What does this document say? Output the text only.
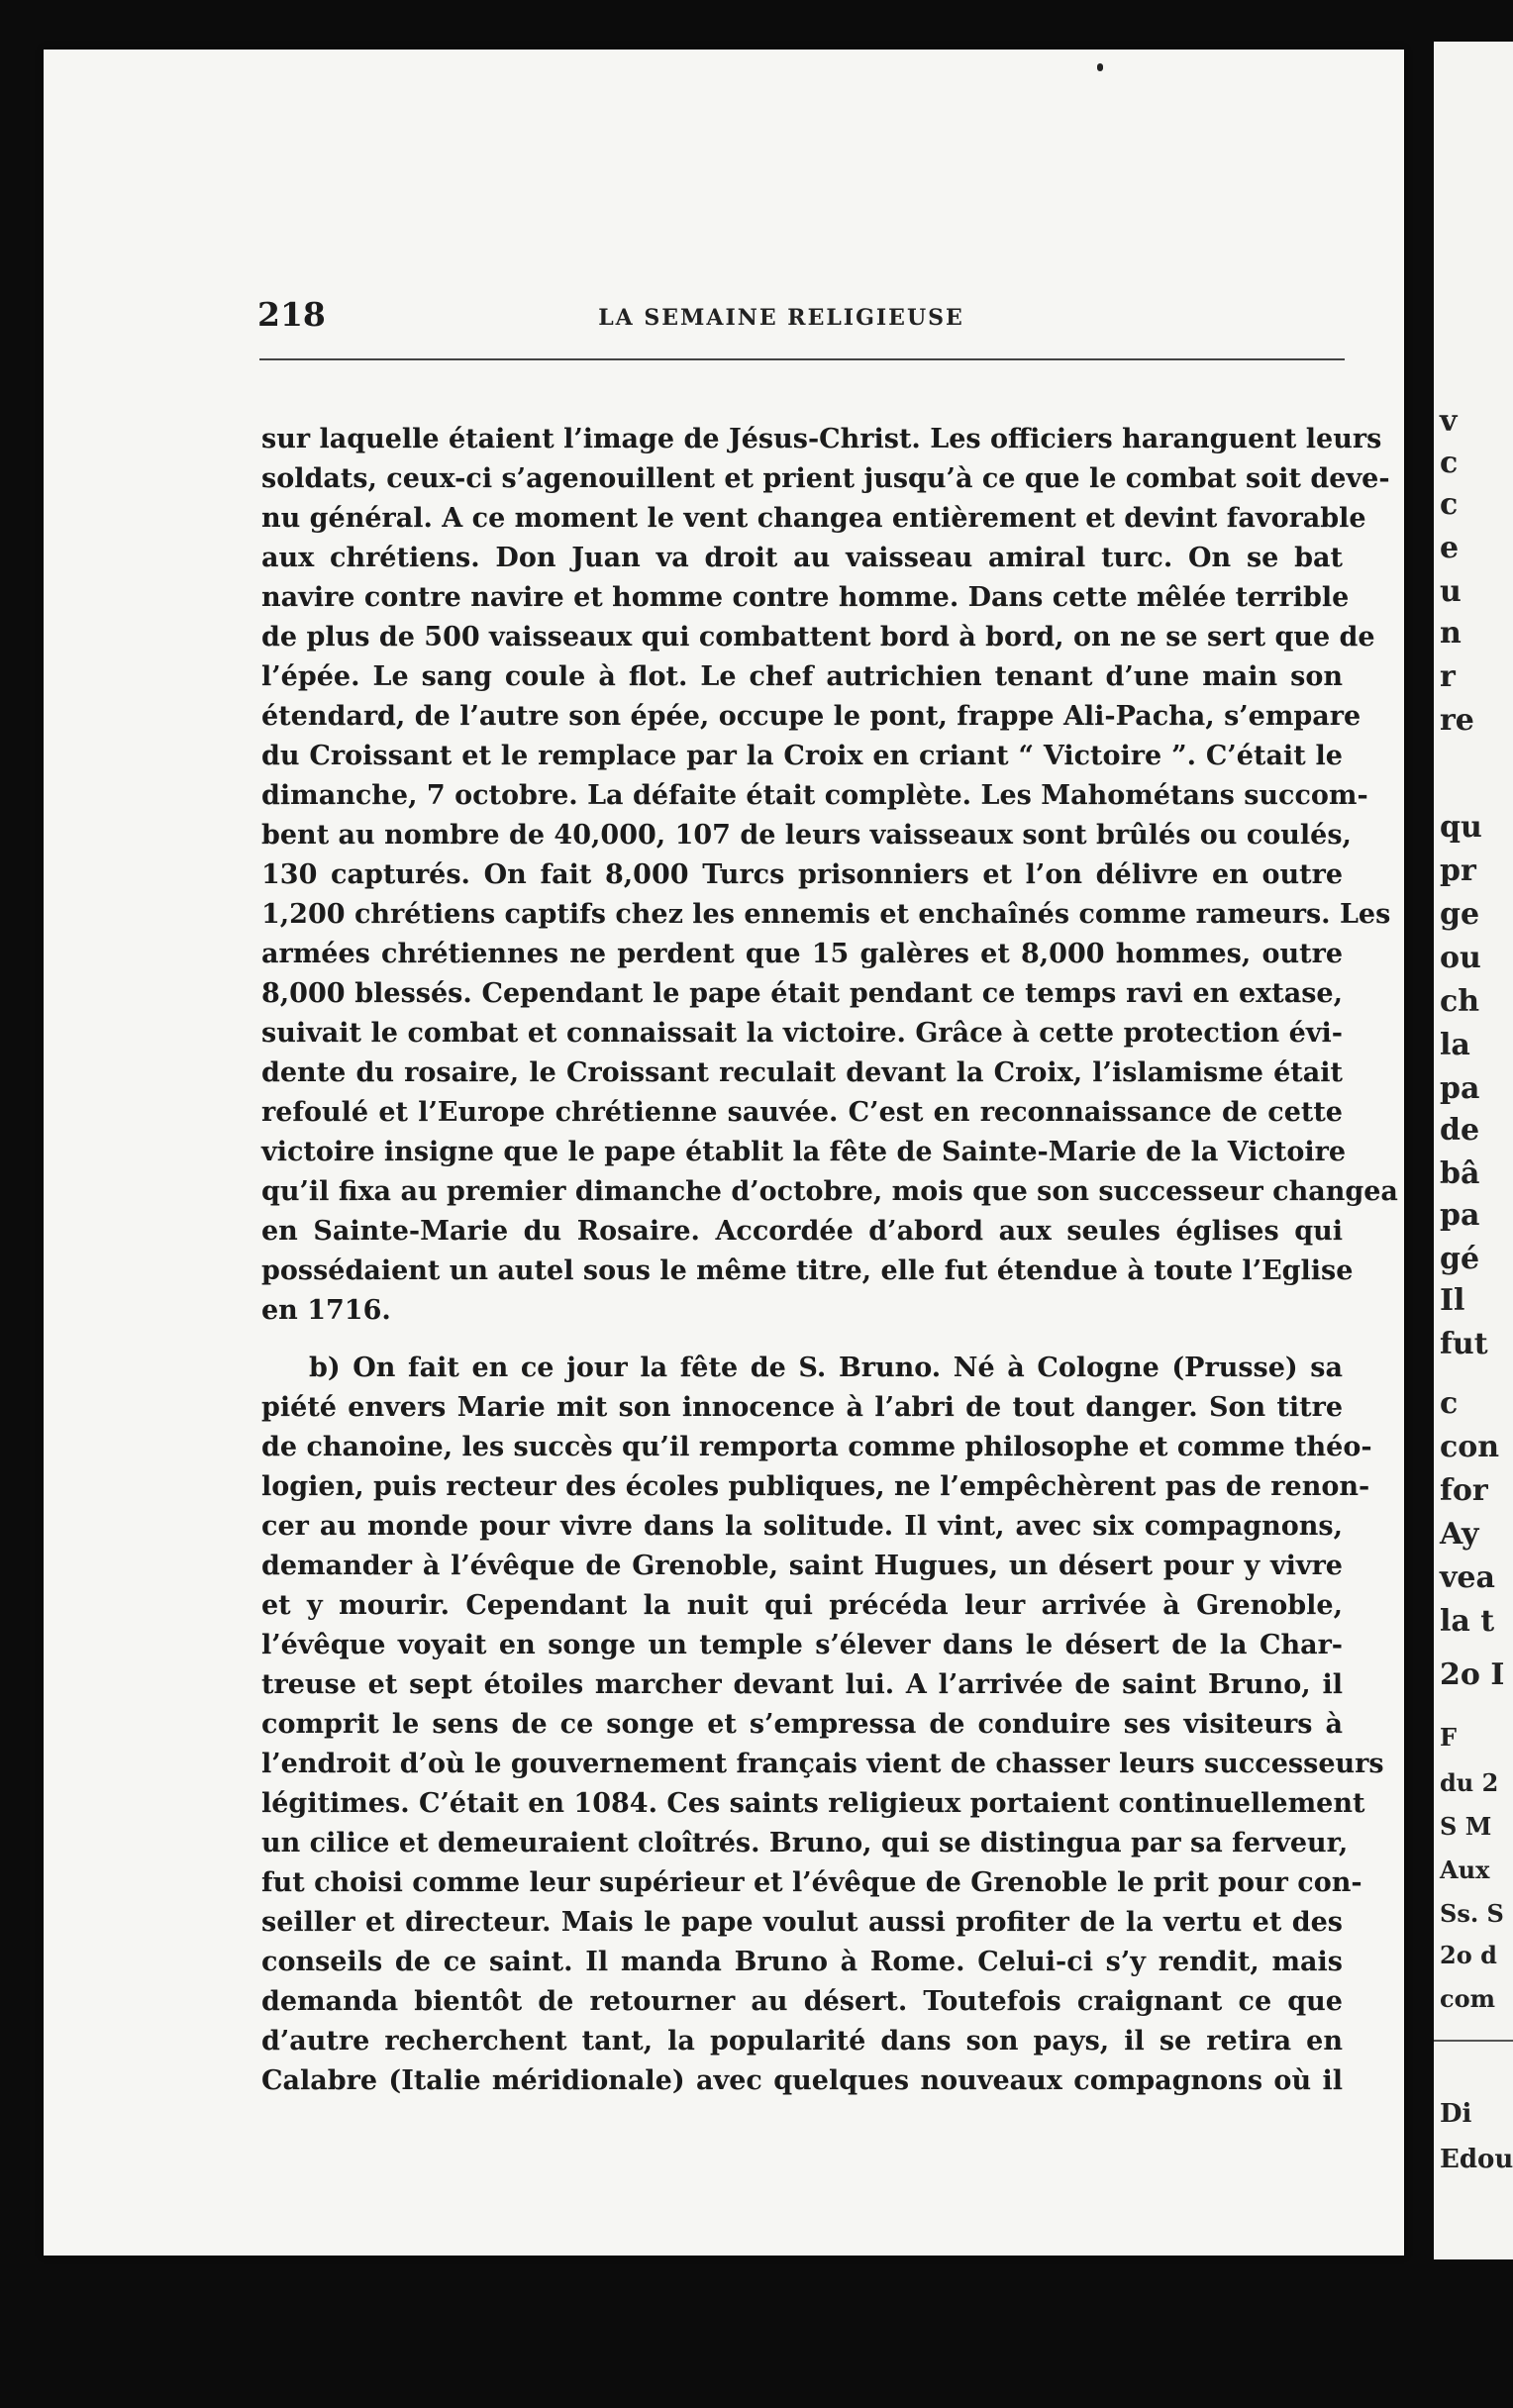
v
c
c
e
u
n
r
re
qu
pr
ge
ou
ch
la
pa
de
bâ
pa
gé
Il
fut
c
con
for
Ay
vea
la t
2o I
F
du 2
S M
Aux
Ss. S
2o d
com
Di
Edou
218	LA SEMAINE RELIGIEUSE
sur laquelle étaient l’image de Jésus-Christ. Les officiers haranguent leurs
soldats, ceux-ci s’agenouillent et prient jusqu’à ce que le combat soit deve-
nu général. A ce moment le vent changea entièrement et devint favorable
aux chrétiens. Don Juan va droit au vaisseau amiral turc. On se bat
navire contre navire et homme contre homme. Dans cette mêlée terrible
de plus de 500 vaisseaux qui combattent bord à bord, on ne se sert que de
l’épée. Le sang coule à flot. Le chef autrichien tenant d’une main son
étendard, de l’autre son épée, occupe le pont, frappe Ali-Pacha, s’empare
du Croissant et le remplace par la Croix en criant “ Victoire ”. C’était le
dimanche, 7 octobre. La défaite était complète. Les Mahométans succom-
bent au nombre de 40,000, 107 de leurs vaisseaux sont brûlés ou coulés,
130 capturés. On fait 8,000 Turcs prisonniers et l’on délivre en outre
1,200 chrétiens captifs chez les ennemis et enchaînés comme rameurs. Les
armées chrétiennes ne perdent que 15 galères et 8,000 hommes, outre
8,000 blessés. Cependant le pape était pendant ce temps ravi en extase,
suivait le combat et connaissait la victoire. Grâce à cette protection évi-
dente du rosaire, le Croissant reculait devant la Croix, l’islamisme était
refoulé et l’Europe chrétienne sauvée. C’est en reconnaissance de cette
victoire insigne que le pape établit la fête de Sainte-Marie de la Victoire
qu’il fixa au premier dimanche d’octobre, mois que son successeur changea
en Sainte-Marie du Rosaire. Accordée d’abord aux seules églises qui
possédaient un autel sous le même titre, elle fut étendue à toute l’Eglise
en 1716.
b) On fait en ce jour la fête de S. Bruno. Né à Cologne (Prusse) sa
piété envers Marie mit son innocence à l’abri de tout danger. Son titre
de chanoine, les succès qu’il remporta comme philosophe et comme théo-
logien, puis recteur des écoles publiques, ne l’empêchèrent pas de renon-
cer au monde pour vivre dans la solitude. Il vint, avec six compagnons,
demander à l’évêque de Grenoble, saint Hugues, un désert pour y vivre
et y mourir. Cependant la nuit qui précéda leur arrivée à Grenoble,
l’évêque voyait en songe un temple s’élever dans le désert de la Char-
treuse et sept étoiles marcher devant lui. A l’arrivée de saint Bruno, il
comprit le sens de ce songe et s’empressa de conduire ses visiteurs à
l’endroit d’où le gouvernement français vient de chasser leurs successeurs
légitimes. C’était en 1084. Ces saints religieux portaient continuellement
un cilice et demeuraient cloîtrés. Bruno, qui se distingua par sa ferveur,
fut choisi comme leur supérieur et l’évêque de Grenoble le prit pour con-
seiller et directeur. Mais le pape voulut aussi profiter de la vertu et des
conseils de ce saint. Il manda Bruno à Rome. Celui-ci s’y rendit, mais
demanda bientôt de retourner au désert. Toutefois craignant ce que
d’autre recherchent tant, la popularité dans son pays, il se retira en
Calabre (Italie méridionale) avec quelques nouveaux compagnons où il
